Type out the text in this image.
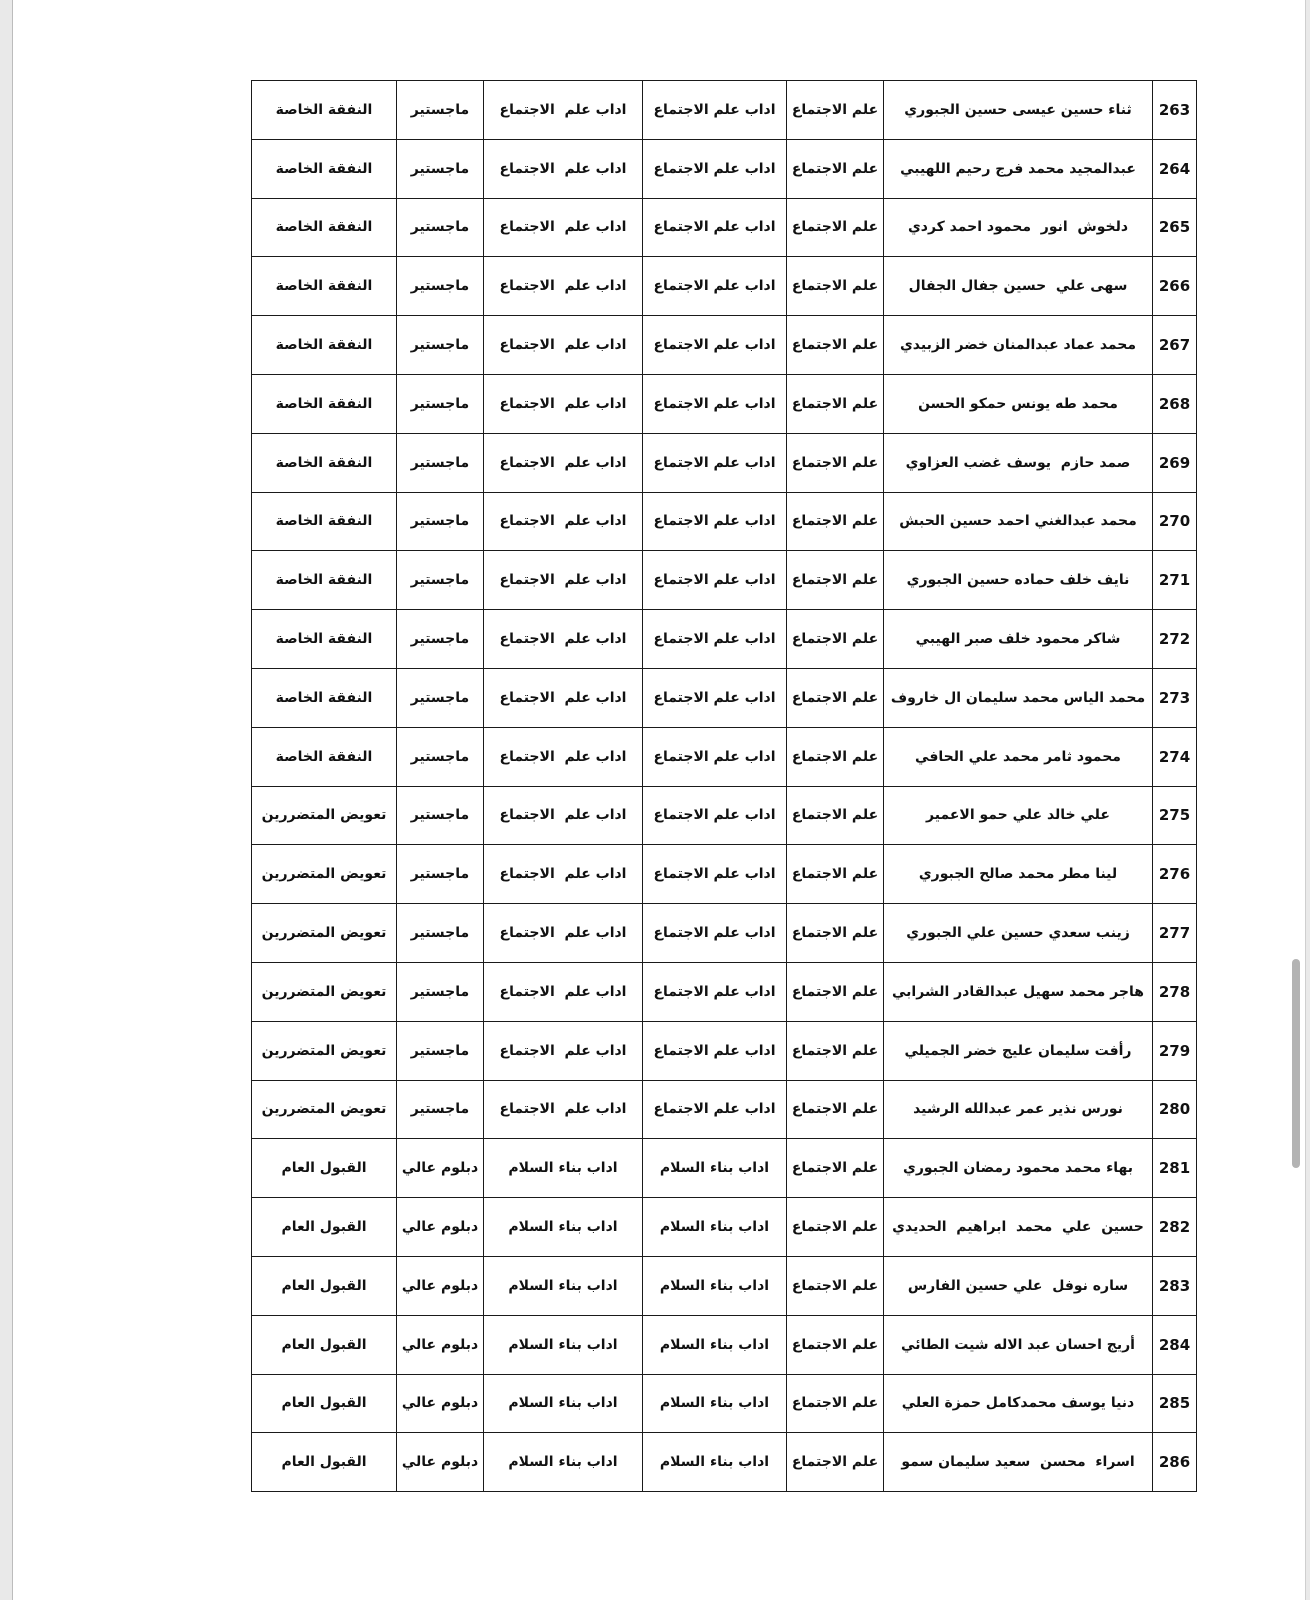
263	ثناء حسين عيسى حسين الجبوري	علم الاجتماع	اداب علم الاجتماع	اداب علم  الاجتماع	ماجستير	النفقة الخاصة
264	عبدالمجيد محمد فرج رحيم اللهيبي	علم الاجتماع	اداب علم الاجتماع	اداب علم  الاجتماع	ماجستير	النفقة الخاصة
265	دلخوش  انور  محمود احمد كردي	علم الاجتماع	اداب علم الاجتماع	اداب علم  الاجتماع	ماجستير	النفقة الخاصة
266	سهى علي  حسين جفال الجفال	علم الاجتماع	اداب علم الاجتماع	اداب علم  الاجتماع	ماجستير	النفقة الخاصة
267	محمد عماد عبدالمنان خضر الزبيدي	علم الاجتماع	اداب علم الاجتماع	اداب علم  الاجتماع	ماجستير	النفقة الخاصة
268	محمد طه يونس حمكو الحسن	علم الاجتماع	اداب علم الاجتماع	اداب علم  الاجتماع	ماجستير	النفقة الخاصة
269	صمد حازم  يوسف غضب العزاوي	علم الاجتماع	اداب علم الاجتماع	اداب علم  الاجتماع	ماجستير	النفقة الخاصة
270	محمد عبدالغني احمد حسين الحبش	علم الاجتماع	اداب علم الاجتماع	اداب علم  الاجتماع	ماجستير	النفقة الخاصة
271	نايف خلف حماده حسين الجبوري	علم الاجتماع	اداب علم الاجتماع	اداب علم  الاجتماع	ماجستير	النفقة الخاصة
272	شاكر محمود خلف صبر الهيبي	علم الاجتماع	اداب علم الاجتماع	اداب علم  الاجتماع	ماجستير	النفقة الخاصة
273	محمد الياس محمد سليمان ال خاروف	علم الاجتماع	اداب علم الاجتماع	اداب علم  الاجتماع	ماجستير	النفقة الخاصة
274	محمود ثامر محمد علي الحافي	علم الاجتماع	اداب علم الاجتماع	اداب علم  الاجتماع	ماجستير	النفقة الخاصة
275	علي خالد علي حمو الاعمير	علم الاجتماع	اداب علم الاجتماع	اداب علم  الاجتماع	ماجستير	تعويض المتضررين
276	لينا مطر محمد صالح الجبوري	علم الاجتماع	اداب علم الاجتماع	اداب علم  الاجتماع	ماجستير	تعويض المتضررين
277	زينب سعدي حسين علي الجبوري	علم الاجتماع	اداب علم الاجتماع	اداب علم  الاجتماع	ماجستير	تعويض المتضررين
278	هاجر محمد سهيل عبدالقادر الشرابي	علم الاجتماع	اداب علم الاجتماع	اداب علم  الاجتماع	ماجستير	تعويض المتضررين
279	رأفت سليمان عليج خضر الجميلي	علم الاجتماع	اداب علم الاجتماع	اداب علم  الاجتماع	ماجستير	تعويض المتضررين
280	نورس نذير عمر عبدالله الرشيد	علم الاجتماع	اداب علم الاجتماع	اداب علم  الاجتماع	ماجستير	تعويض المتضررين
281	بهاء محمد محمود رمضان الجبوري	علم الاجتماع	اداب بناء السلام	اداب بناء السلام	دبلوم عالي	القبول العام
282	حسين  علي  محمد  ابراهيم  الحديدي	علم الاجتماع	اداب بناء السلام	اداب بناء السلام	دبلوم عالي	القبول العام
283	ساره نوفل  علي حسين الفارس	علم الاجتماع	اداب بناء السلام	اداب بناء السلام	دبلوم عالي	القبول العام
284	أريج احسان عبد الاله شيت الطائي	علم الاجتماع	اداب بناء السلام	اداب بناء السلام	دبلوم عالي	القبول العام
285	دنيا يوسف محمدكامل حمزة العلي	علم الاجتماع	اداب بناء السلام	اداب بناء السلام	دبلوم عالي	القبول العام
286	اسراء  محسن  سعيد سليمان سمو	علم الاجتماع	اداب بناء السلام	اداب بناء السلام	دبلوم عالي	القبول العام
